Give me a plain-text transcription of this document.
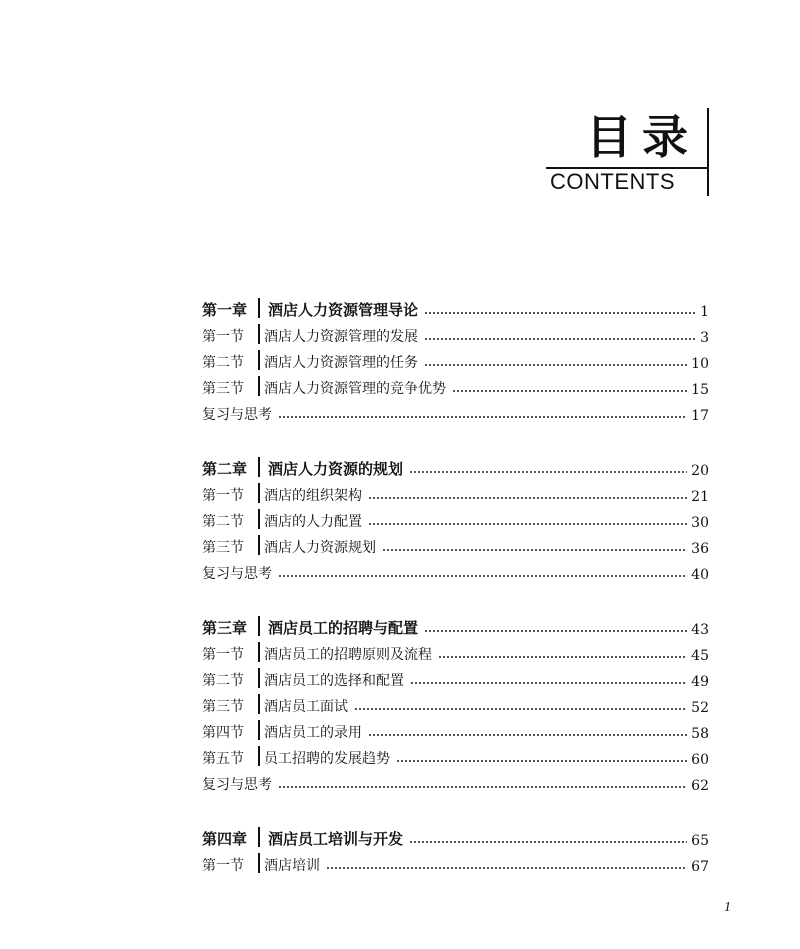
目录
CONTENTS
第一章	酒店人力资源管理导论	1
第一节	酒店人力资源管理的发展	3
第二节	酒店人力资源管理的任务	10
第三节	酒店人力资源管理的竞争优势	15
复习与思考	17
第二章	酒店人力资源的规划	20
第一节	酒店的组织架构	21
第二节	酒店的人力配置	30
第三节	酒店人力资源规划	36
复习与思考	40
第三章	酒店员工的招聘与配置	43
第一节	酒店员工的招聘原则及流程	45
第二节	酒店员工的选择和配置	49
第三节	酒店员工面试	52
第四节	酒店员工的录用	58
第五节	员工招聘的发展趋势	60
复习与思考	62
第四章	酒店员工培训与开发	65
第一节	酒店培训	67
1
